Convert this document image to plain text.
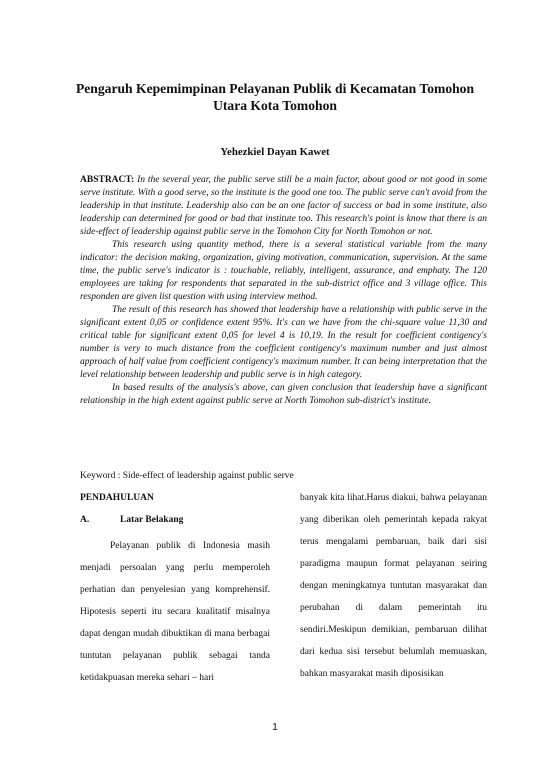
Pengaruh Kepemimpinan Pelayanan Publik di Kecamatan Tomohon
Utara Kota Tomohon

Yehezkiel Dayan Kawet

ABSTRACT: In the several year, the public serve still be a main factor, about good or not good in some serve institute. With a good serve, so the institute is the good one too. The public serve can't avoid from the leadership in that institute. Leadership also can be an one factor of success or bad in some institute, also leadership can determined for good or bad that institute too. This research's point is know that there is an side-effect of leadership against public serve in the Tomohon City for North Tomohon or not.

This research using quantity method, there is a several statistical variable from the many indicator: the decision making, organization, giving motivation, communication, supervision. At the same time, the public serve's indicator is : touchable, reliably, intelligent, assurance, and emphaty. The 120 employees are taking for respondents that separated in the sub-district office and 3 village office. This responden are given list question with using interview method.

The result of this research has showed that leadership have a relationship with public serve in the significant extent 0,05 or confidence extent 95%. It's can we have from the chi-square value 11,30 and critical table for significant extent 0,05 for level 4 is 10,19. In the result for coefficient contigency's number is very to much distance from the coefficient contigency's maximum number and just almost approach of half value from coefficient contigency's maximum number. It can being interpretation that the level relationship between leadership and public serve is in high category.

In based results of the analysis's above, can given conclusion that leadership have a significant relationship in the high extent against public serve at North Tomohon sub-district's institute.

Keyword : Side-effect of leadership against public serve

PENDAHULUAN

A.	Latar Belakang

Pelayanan publik di Indonesia masih menjadi persoalan yang perlu memperoleh perhatian dan penyelesian yang komprehensif. Hipotesis seperti itu secara kualitatif misalnya dapat dengan mudah dibuktikan di mana berbagai tuntutan pelayanan publik sebagai tanda ketidakpuasan mereka sehari – hari

banyak kita lihat.Harus diakui, bahwa pelayanan yang diberikan oleh pemerintah kepada rakyat terus mengalami pembaruan, baik dari sisi paradigma maupun format pelayanan seiring dengan meningkatnya tuntutan masyarakat dan perubahan di dalam pemerintah itu sendiri.Meskipun demikian, pembaruan dilihat dari kedua sisi tersebut belumlah memuaskan, bahkan masyarakat masih diposisikan

1
